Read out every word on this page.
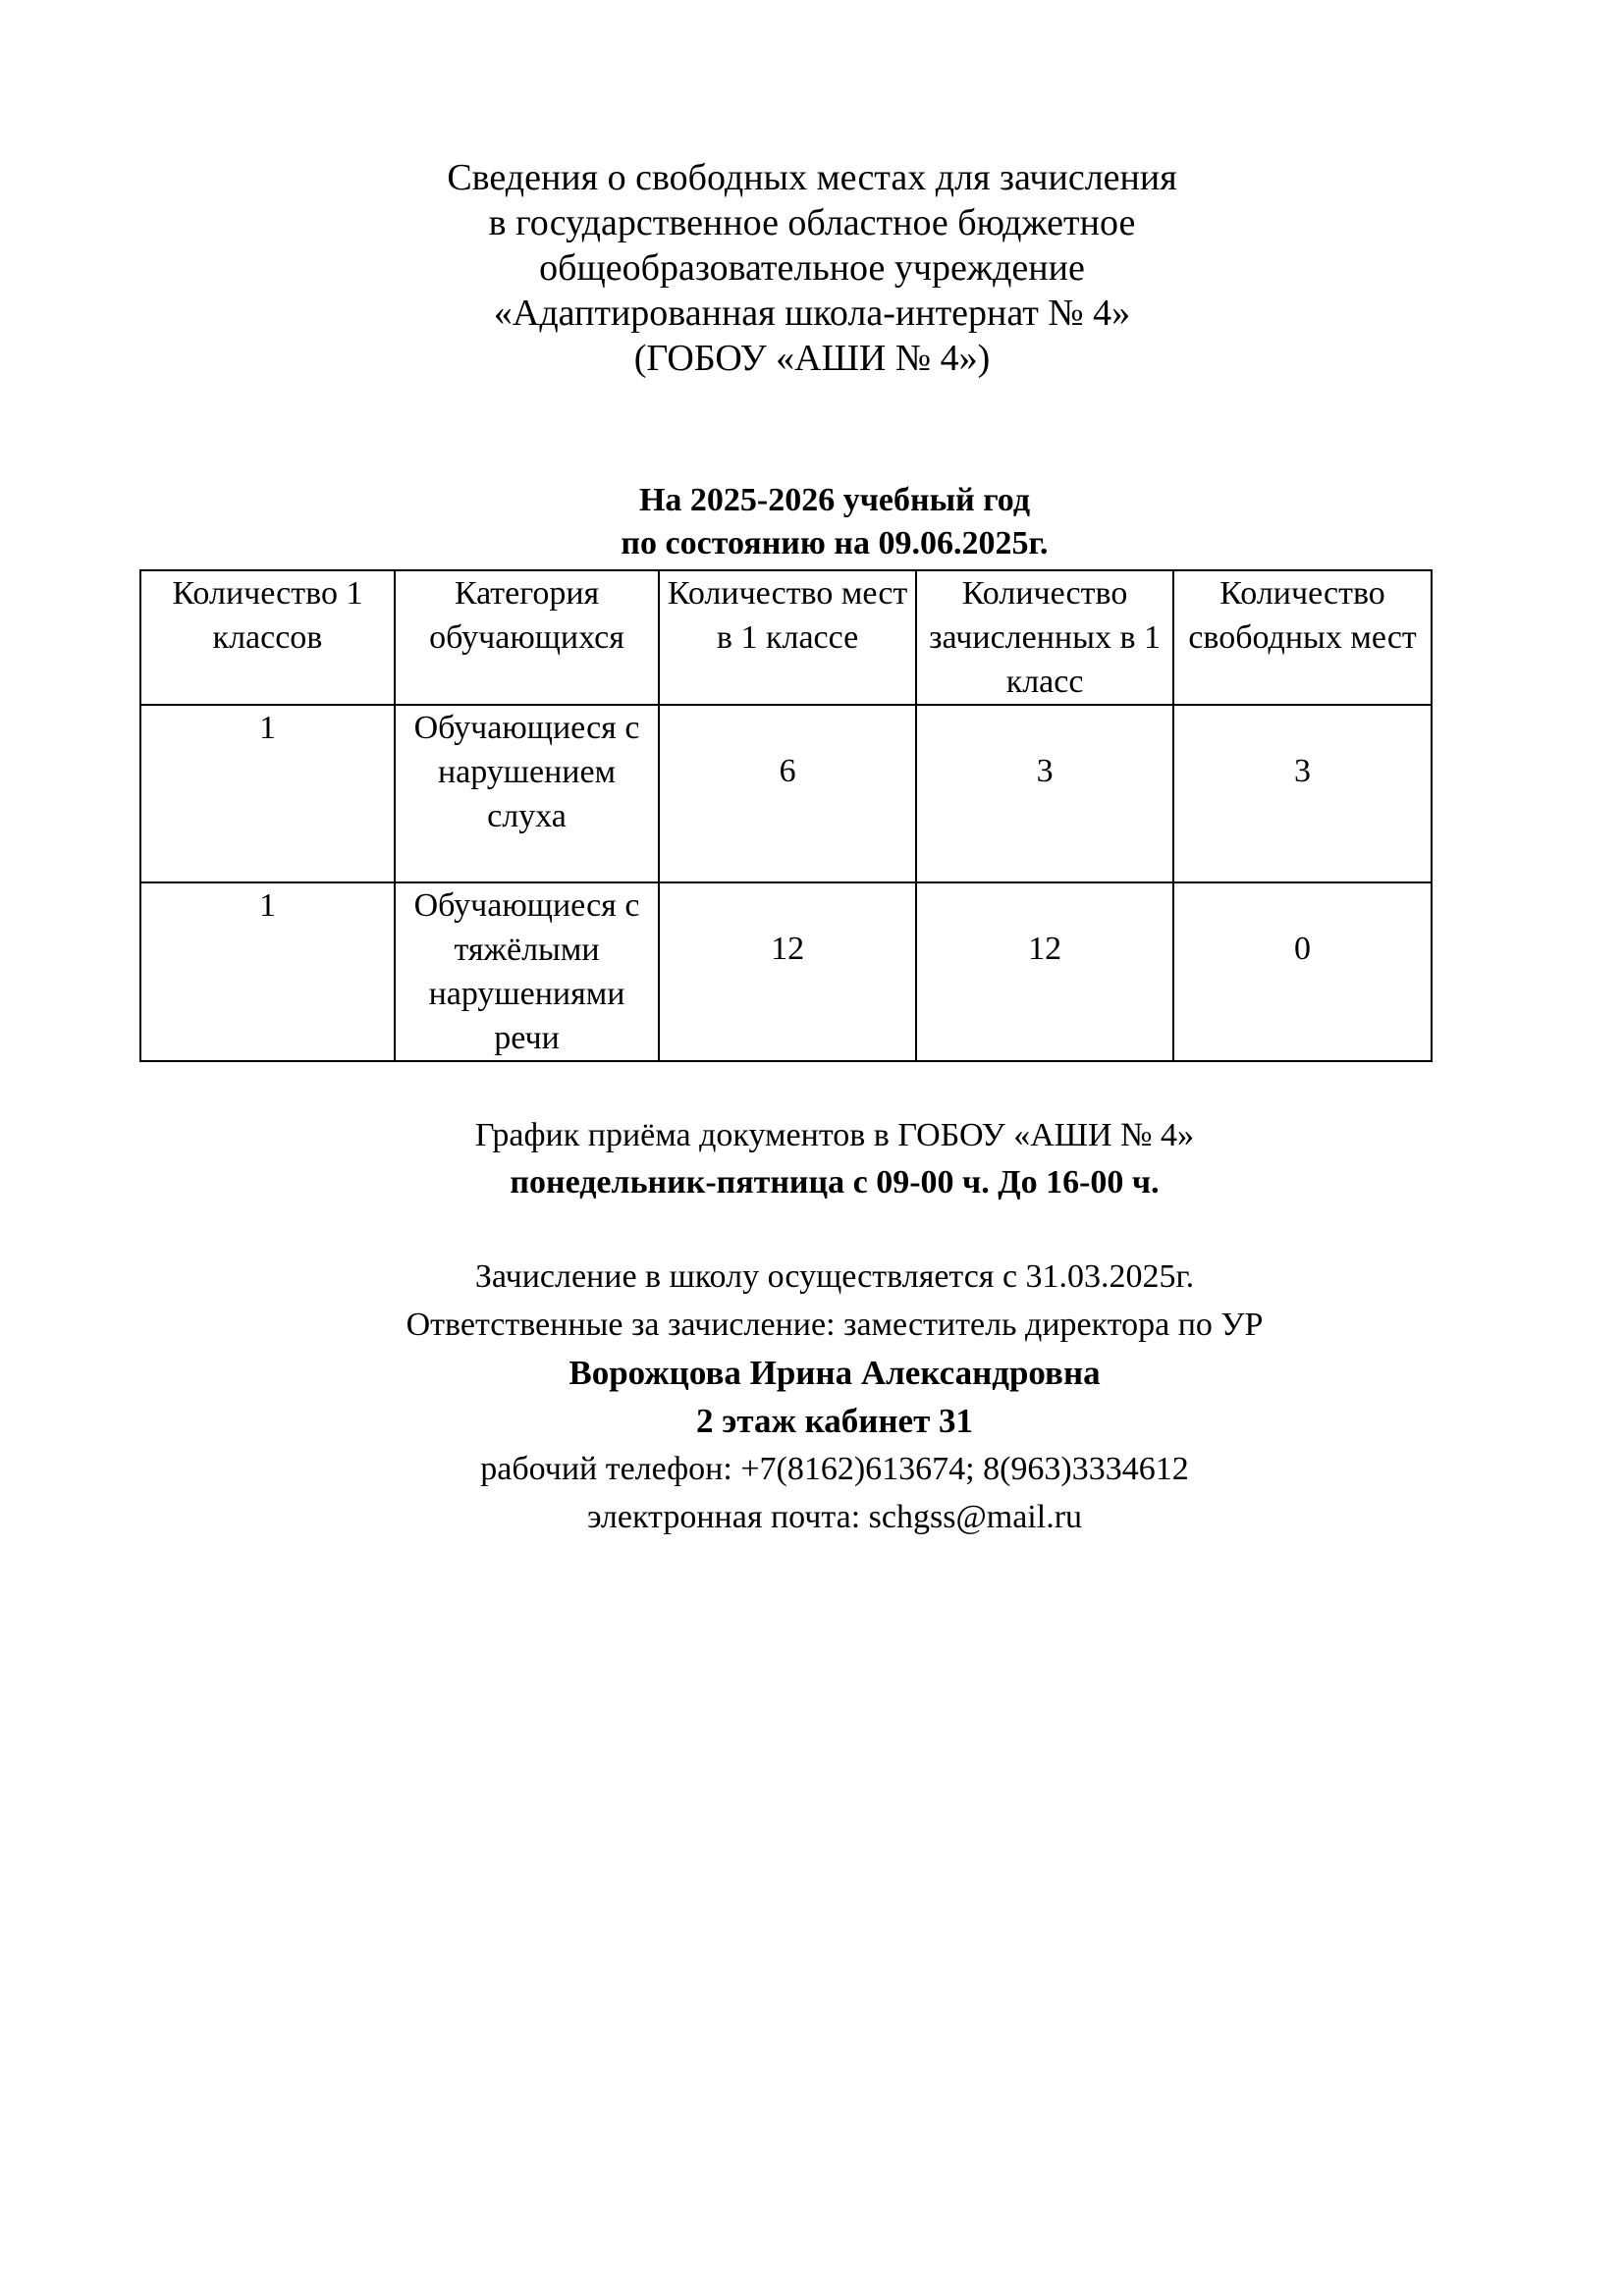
Сведения о свободных местах для зачисления
в государственное областное бюджетное
общеобразовательное учреждение
«Адаптированная школа-интернат № 4»
(ГОБОУ «АШИ № 4»)
На 2025-2026 учебный год
по состоянию на 09.06.2025г.
Количество 1 классов	Категория обучающихся	Количество мест в 1 классе	Количество зачисленных в 1 класс	Количество свободных мест
1	Обучающиеся с нарушением слуха	6	3	3

1	Обучающиеся с тяжёлыми нарушениями речи	12	12	0
График приёма документов в ГОБОУ «АШИ № 4»
понедельник-пятница с 09-00 ч. До 16-00 ч.
Зачисление в школу осуществляется с 31.03.2025г.
Ответственные за зачисление: заместитель директора по УР
Ворожцова Ирина Александровна
2 этаж кабинет 31
рабочий телефон: +7(8162)613674; 8(963)3334612
электронная почта: schgss@mail.ru
